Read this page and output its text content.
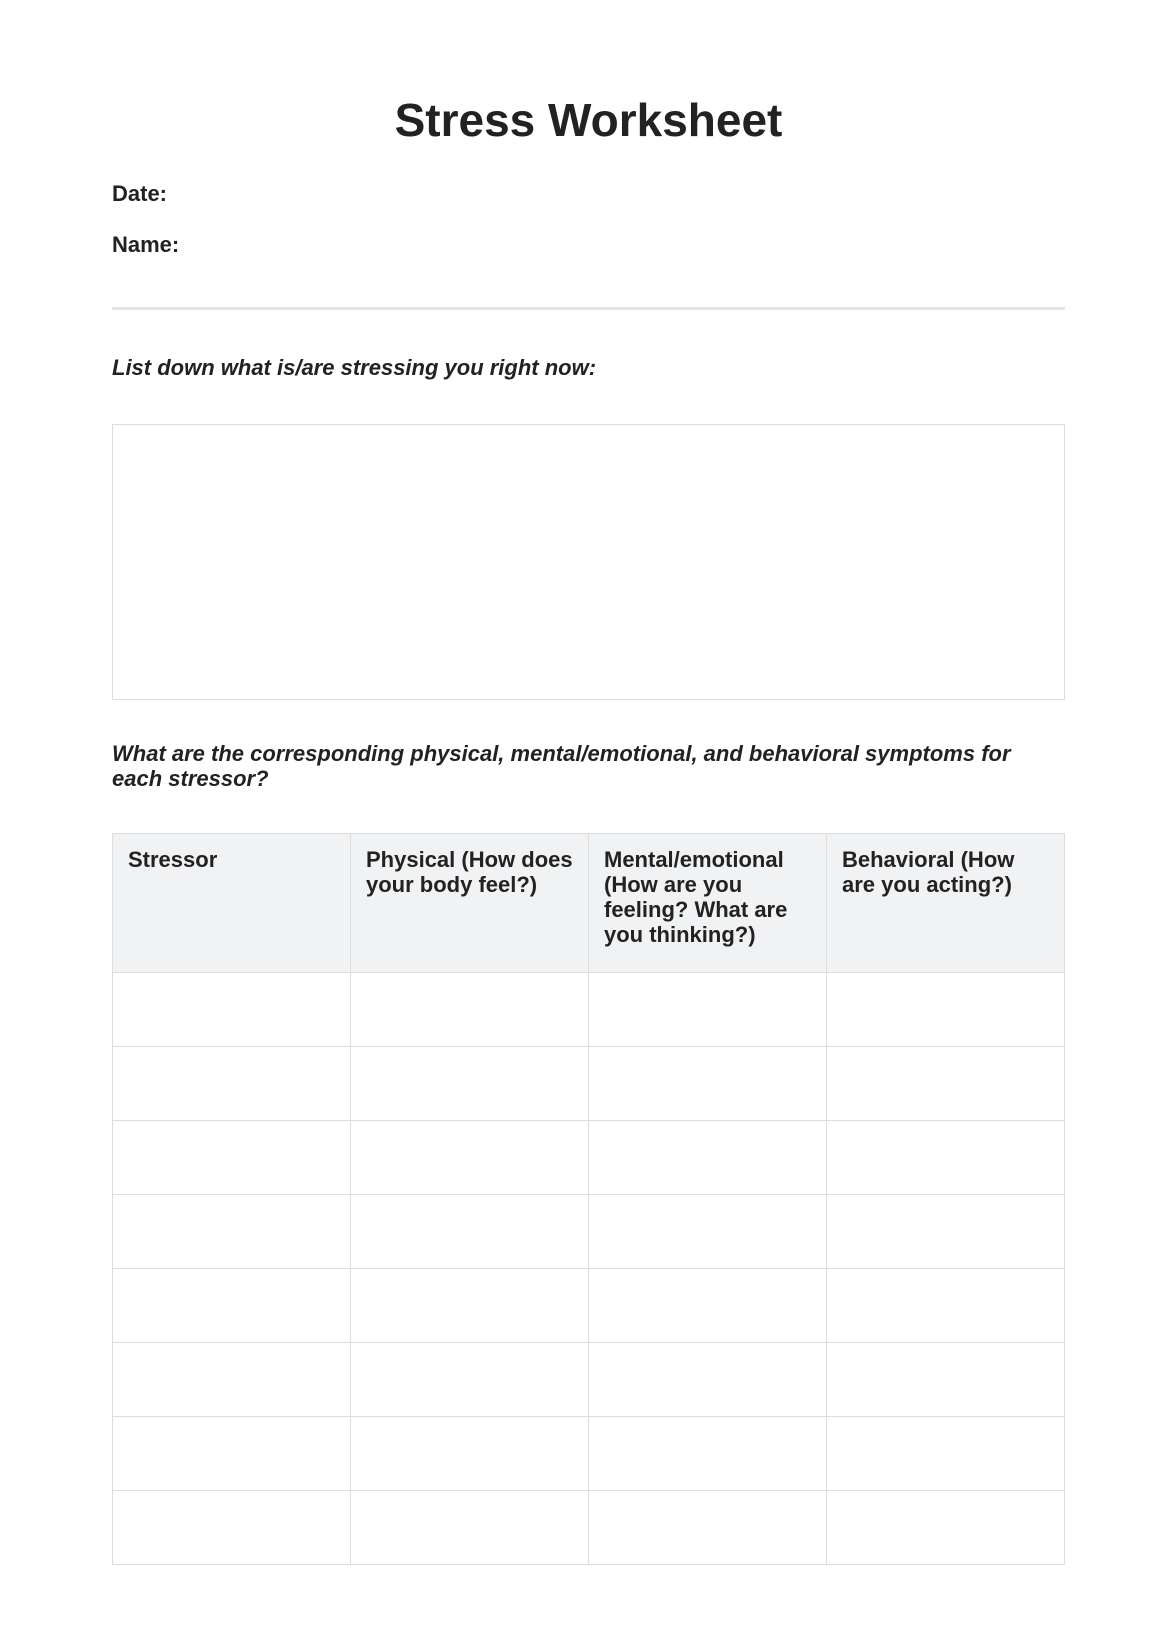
Stress Worksheet
Date:
Name:
List down what is/are stressing you right now:
What are the corresponding physical, mental/emotional, and behavioral symptoms for each stressor?
Stressor	Physical (How does your body feel?)	Mental/emotional (How are you feeling? What are you thinking?)	Behavioral (How are you acting?)
